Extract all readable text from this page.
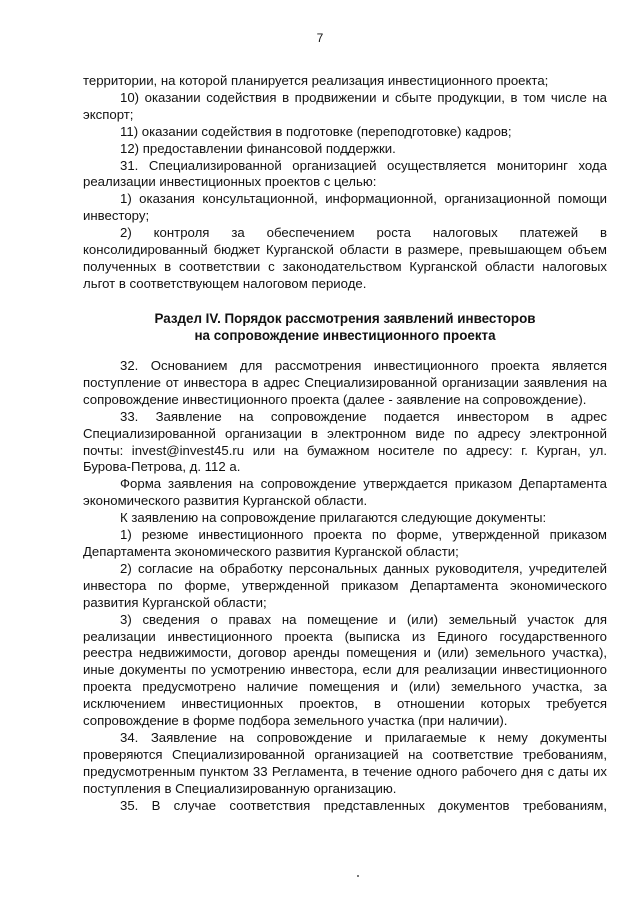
7

территории, на которой планируется реализация инвестиционного проекта;

10) оказании содействия в продвижении и сбыте продукции, в том числе на экспорт;

11) оказании содействия в подготовке (переподготовке) кадров;

12) предоставлении финансовой поддержки.

31. Специализированной организацией осуществляется мониторинг хода реализации инвестиционных проектов с целью:

1) оказания консультационной, информационной, организационной помощи инвестору;

2) контроля за обеспечением роста налоговых платежей в консолидированный бюджет Курганской области в размере, превышающем объем полученных в соответствии с законодательством Курганской области налоговых льгот в соответствующем налоговом периоде.

Раздел IV. Порядок рассмотрения заявлений инвесторов
на сопровождение инвестиционного проекта

32. Основанием для рассмотрения инвестиционного проекта является поступление от инвестора в адрес Специализированной организации заявления на сопровождение инвестиционного проекта (далее - заявление на сопровождение).

33. Заявление на сопровождение подается инвестором в адрес Специализированной организации в электронном виде по адресу электронной почты: invest@invest45.ru или на бумажном носителе по адресу: г. Курган, ул. Бурова-Петрова, д. 112 а.

Форма заявления на сопровождение утверждается приказом Департамента экономического развития Курганской области.

К заявлению на сопровождение прилагаются следующие документы:

1) резюме инвестиционного проекта по форме, утвержденной приказом Департамента экономического развития Курганской области;

2) согласие на обработку персональных данных руководителя, учредителей инвестора по форме, утвержденной приказом Департамента экономического развития Курганской области;

3) сведения о правах на помещение и (или) земельный участок для реализации инвестиционного проекта (выписка из Единого государственного реестра недвижимости, договор аренды помещения и (или) земельного участка), иные документы по усмотрению инвестора, если для реализации инвестиционного проекта предусмотрено наличие помещения и (или) земельного участка, за исключением инвестиционных проектов, в отношении которых требуется сопровождение в форме подбора земельного участка (при наличии).

34. Заявление на сопровождение и прилагаемые к нему документы проверяются Специализированной организацией на соответствие требованиям, предусмотренным пунктом 33 Регламента, в течение одного рабочего дня с даты их поступления в Специализированную организацию.

35. В случае соответствия представленных документов требованиям,
